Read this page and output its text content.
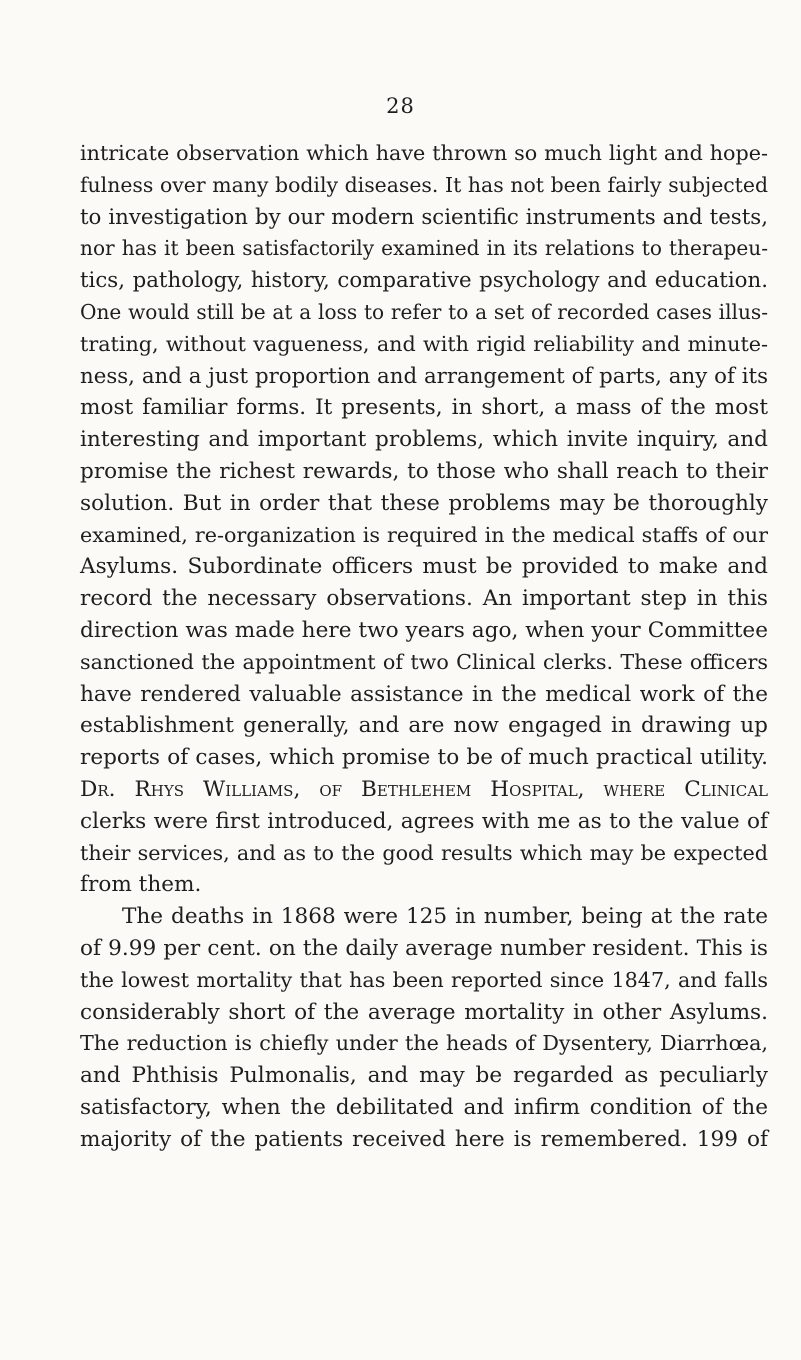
28
intricate observation which have thrown so much light and hope-
fulness over many bodily diseases. It has not been fairly subjected
to investigation by our modern scientific instruments and tests,
nor has it been satisfactorily examined in its relations to therapeu-
tics, pathology, history, comparative psychology and education.
One would still be at a loss to refer to a set of recorded cases illus-
trating, without vagueness, and with rigid reliability and minute-
ness, and a just proportion and arrangement of parts, any of its
most familiar forms. It presents, in short, a mass of the most
interesting and important problems, which invite inquiry, and
promise the richest rewards, to those who shall reach to their
solution. But in order that these problems may be thoroughly
examined, re-organization is required in the medical staffs of our
Asylums. Subordinate officers must be provided to make and
record the necessary observations. An important step in this
direction was made here two years ago, when your Committee
sanctioned the appointment of two Clinical clerks. These officers
have rendered valuable assistance in the medical work of the
establishment generally, and are now engaged in drawing up
reports of cases, which promise to be of much practical utility.
Dr. Rhys Williams, of Bethlehem Hospital, where Clinical
clerks were first introduced, agrees with me as to the value of
their services, and as to the good results which may be expected
from them.
The deaths in 1868 were 125 in number, being at the rate
of 9.99 per cent. on the daily average number resident. This is
the lowest mortality that has been reported since 1847, and falls
considerably short of the average mortality in other Asylums.
The reduction is chiefly under the heads of Dysentery, Diarrhœa,
and Phthisis Pulmonalis, and may be regarded as peculiarly
satisfactory, when the debilitated and infirm condition of the
majority of the patients received here is remembered. 199 of
